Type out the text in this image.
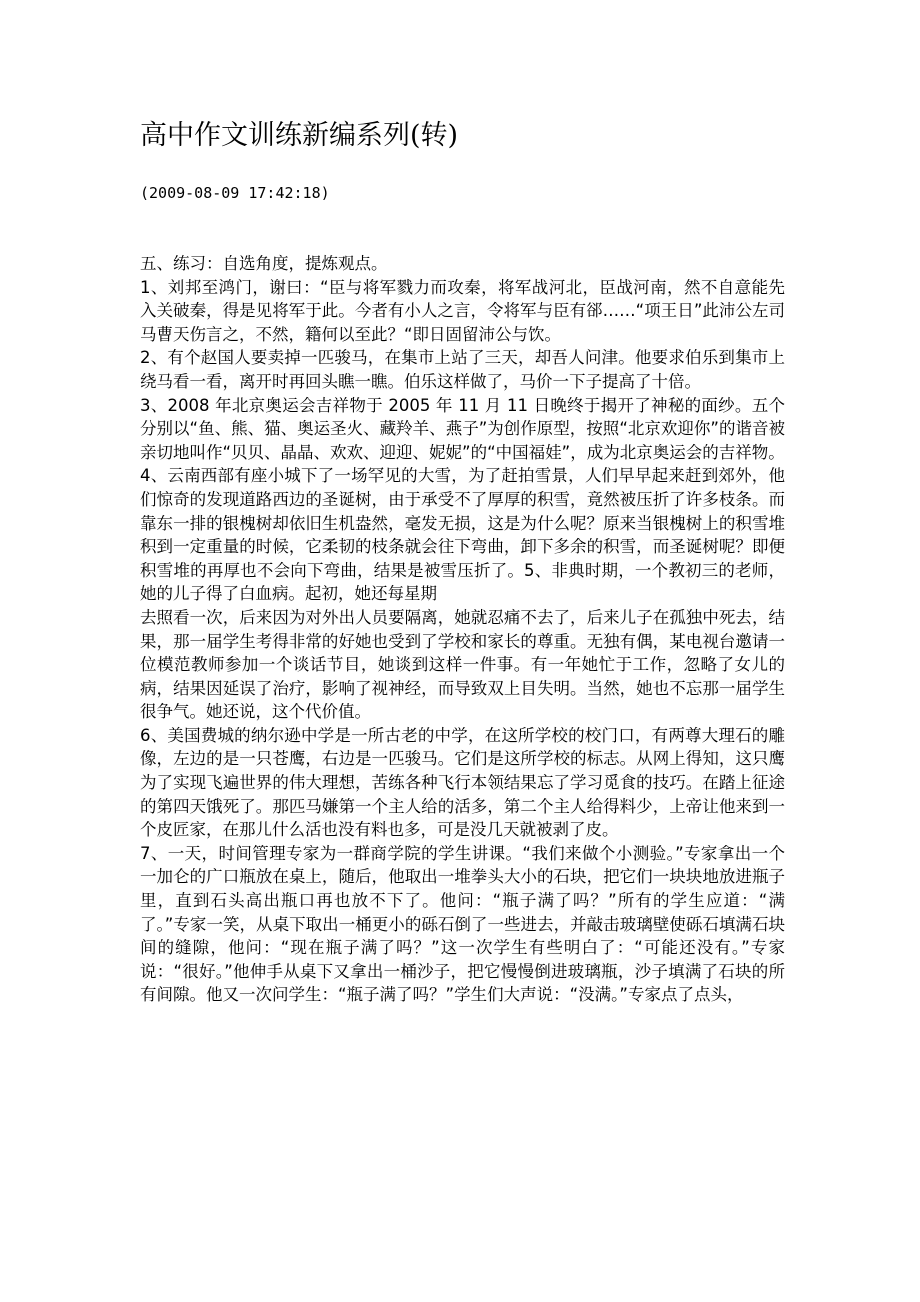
高中作文训练新编系列(转)
(2009-08-09 17:42:18)

五、练习：自选角度，提炼观点。

1、刘邦至鸿门，谢曰：“臣与将军戮力而攻秦，将军战河北，臣战河南，然不自意能先入关破秦，得是见将军于此。今者有小人之言，令将军与臣有郤……“项王日”此沛公左司马曹天伤言之，不然，籍何以至此？“即日固留沛公与饮。

2、有个赵国人要卖掉一匹骏马，在集市上站了三天，却吾人问津。他要求伯乐到集市上绕马看一看，离开时再回头瞧一瞧。伯乐这样做了，马价一下子提高了十倍。

3、2008 年北京奥运会吉祥物于 2005 年 11 月 11 日晚终于揭开了神秘的面纱。五个分别以“鱼、熊、猫、奥运圣火、藏羚羊、燕子”为创作原型，按照“北京欢迎你”的谐音被亲切地叫作“贝贝、晶晶、欢欢、迎迎、妮妮”的“中国福娃”，成为北京奥运会的吉祥物。

4、云南西部有座小城下了一场罕见的大雪，为了赶拍雪景，人们早早起来赶到郊外，他们惊奇的发现道路西边的圣诞树，由于承受不了厚厚的积雪，竟然被压折了许多枝条。而靠东一排的银槐树却依旧生机盎然，毫发无损，这是为什么呢？原来当银槐树上的积雪堆积到一定重量的时候，它柔韧的枝条就会往下弯曲，卸下多余的积雪，而圣诞树呢？即便积雪堆的再厚也不会向下弯曲，结果是被雪压折了。5、非典时期，一个教初三的老师，她的儿子得了白血病。起初，她还每星期

去照看一次，后来因为对外出人员要隔离，她就忍痛不去了，后来儿子在孤独中死去，结果，那一届学生考得非常的好她也受到了学校和家长的尊重。无独有偶，某电视台邀请一位模范教师参加一个谈话节目，她谈到这样一件事。有一年她忙于工作，忽略了女儿的病，结果因延误了治疗，影响了视神经，而导致双上目失明。当然，她也不忘那一届学生很争气。她还说，这个代价值。

6、美国费城的纳尔逊中学是一所古老的中学，在这所学校的校门口，有两尊大理石的雕像，左边的是一只苍鹰，右边是一匹骏马。它们是这所学校的标志。从网上得知，这只鹰为了实现飞遍世界的伟大理想，苦练各种飞行本领结果忘了学习觅食的技巧。在踏上征途的第四天饿死了。那匹马嫌第一个主人给的活多，第二个主人给得料少，上帝让他来到一个皮匠家，在那儿什么活也没有料也多，可是没几天就被剥了皮。

7、一天，时间管理专家为一群商学院的学生讲课。“我们来做个小测验。”专家拿出一个一加仑的广口瓶放在桌上，随后，他取出一堆拳头大小的石块，把它们一块块地放进瓶子里，直到石头高出瓶口再也放不下了。他问：“瓶子满了吗？”所有的学生应道：“满了。”专家一笑，从桌下取出一桶更小的砾石倒了一些进去，并敲击玻璃壁使砾石填满石块间的缝隙，他问：“现在瓶子满了吗？”这一次学生有些明白了：“可能还没有。”专家说：“很好。”他伸手从桌下又拿出一桶沙子，把它慢慢倒进玻璃瓶，沙子填满了石块的所有间隙。他又一次问学生：“瓶子满了吗？”学生们大声说：“没满。”专家点了点头，
